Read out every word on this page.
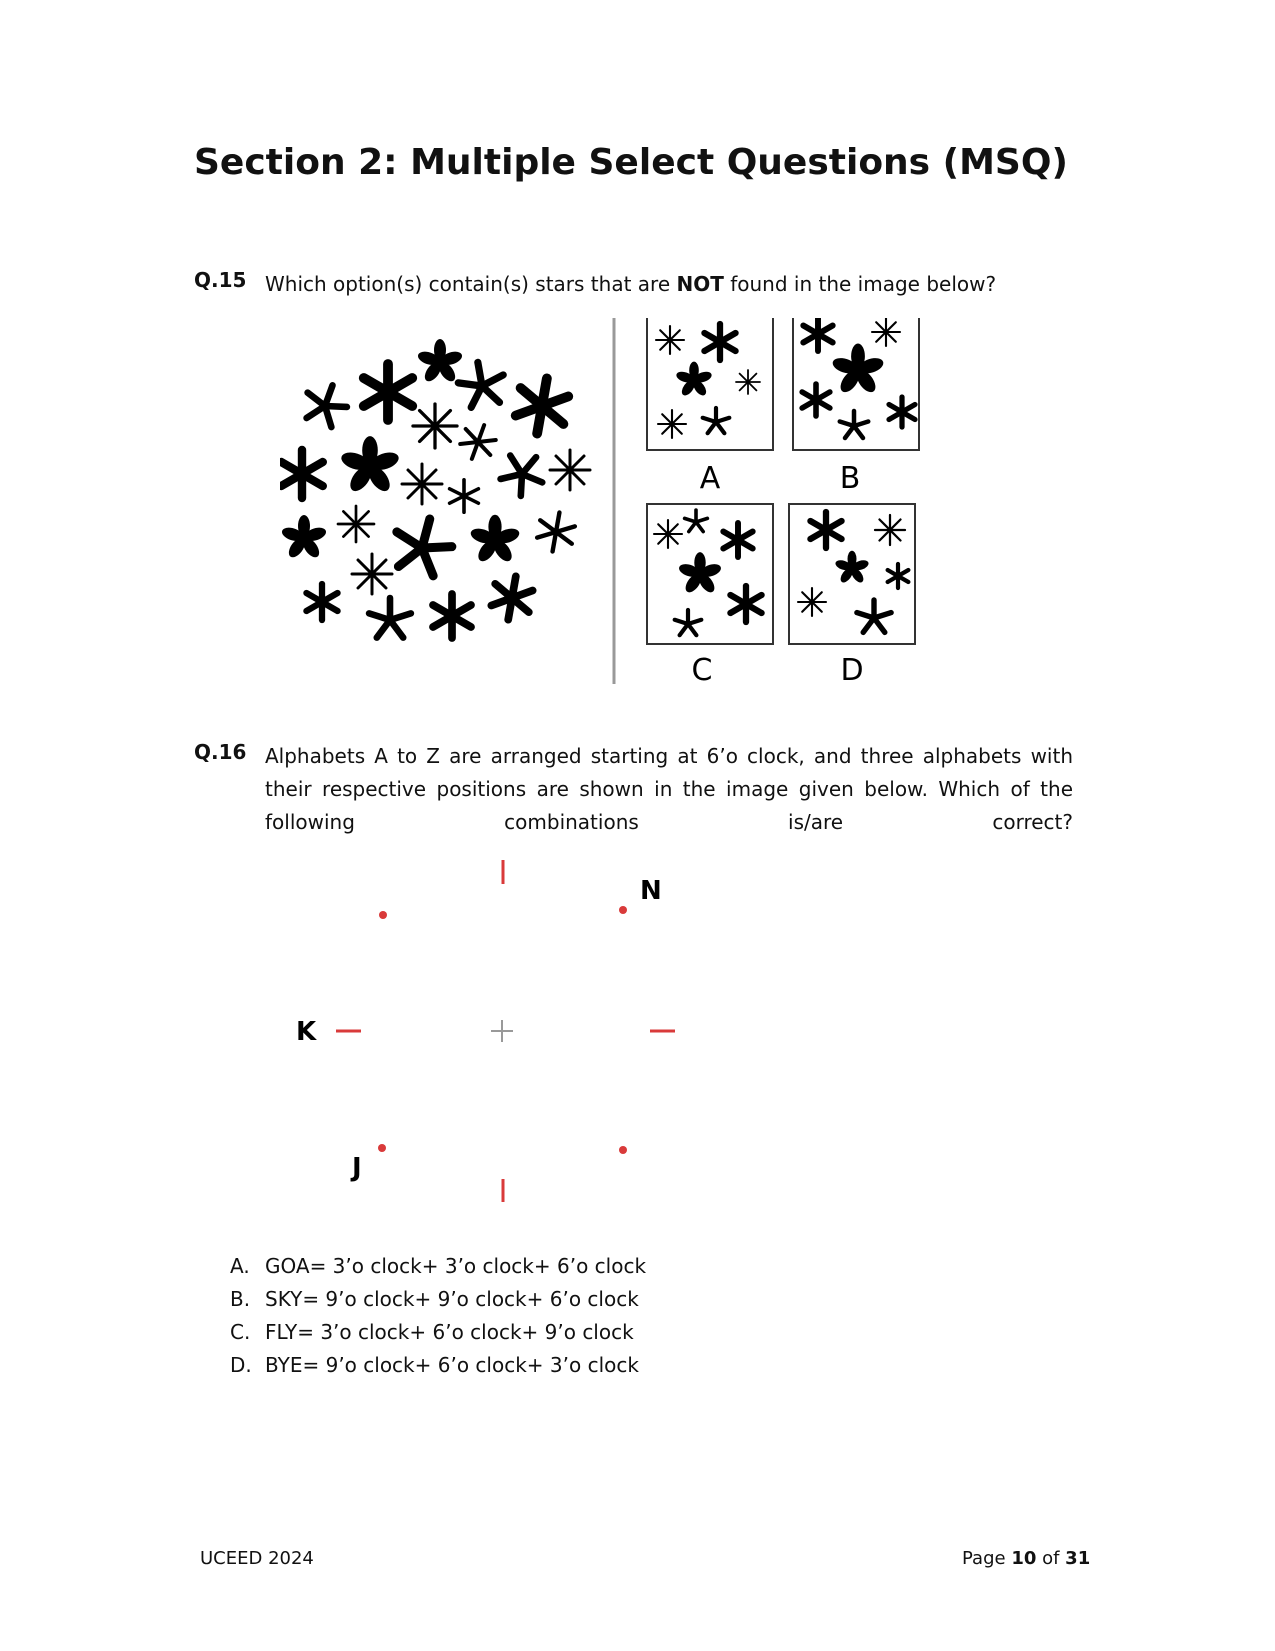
Section 2: Multiple Select Questions (MSQ)
Q.15 Which option(s) contain(s) stars that are NOT found in the image below?
A	B
C	D
Q.16 Alphabets A to Z are arranged starting at 6’o clock, and three alphabets with their respective positions are shown in the image given below. Which of the following combinations is/are correct?
N
K
J
A. GOA= 3’o clock+ 3’o clock+ 6’o clock
B. SKY= 9’o clock+ 9’o clock+ 6’o clock
C. FLY= 3’o clock+ 6’o clock+ 9’o clock
D. BYE= 9’o clock+ 6’o clock+ 3’o clock
UCEED 2024	Page 10 of 31
